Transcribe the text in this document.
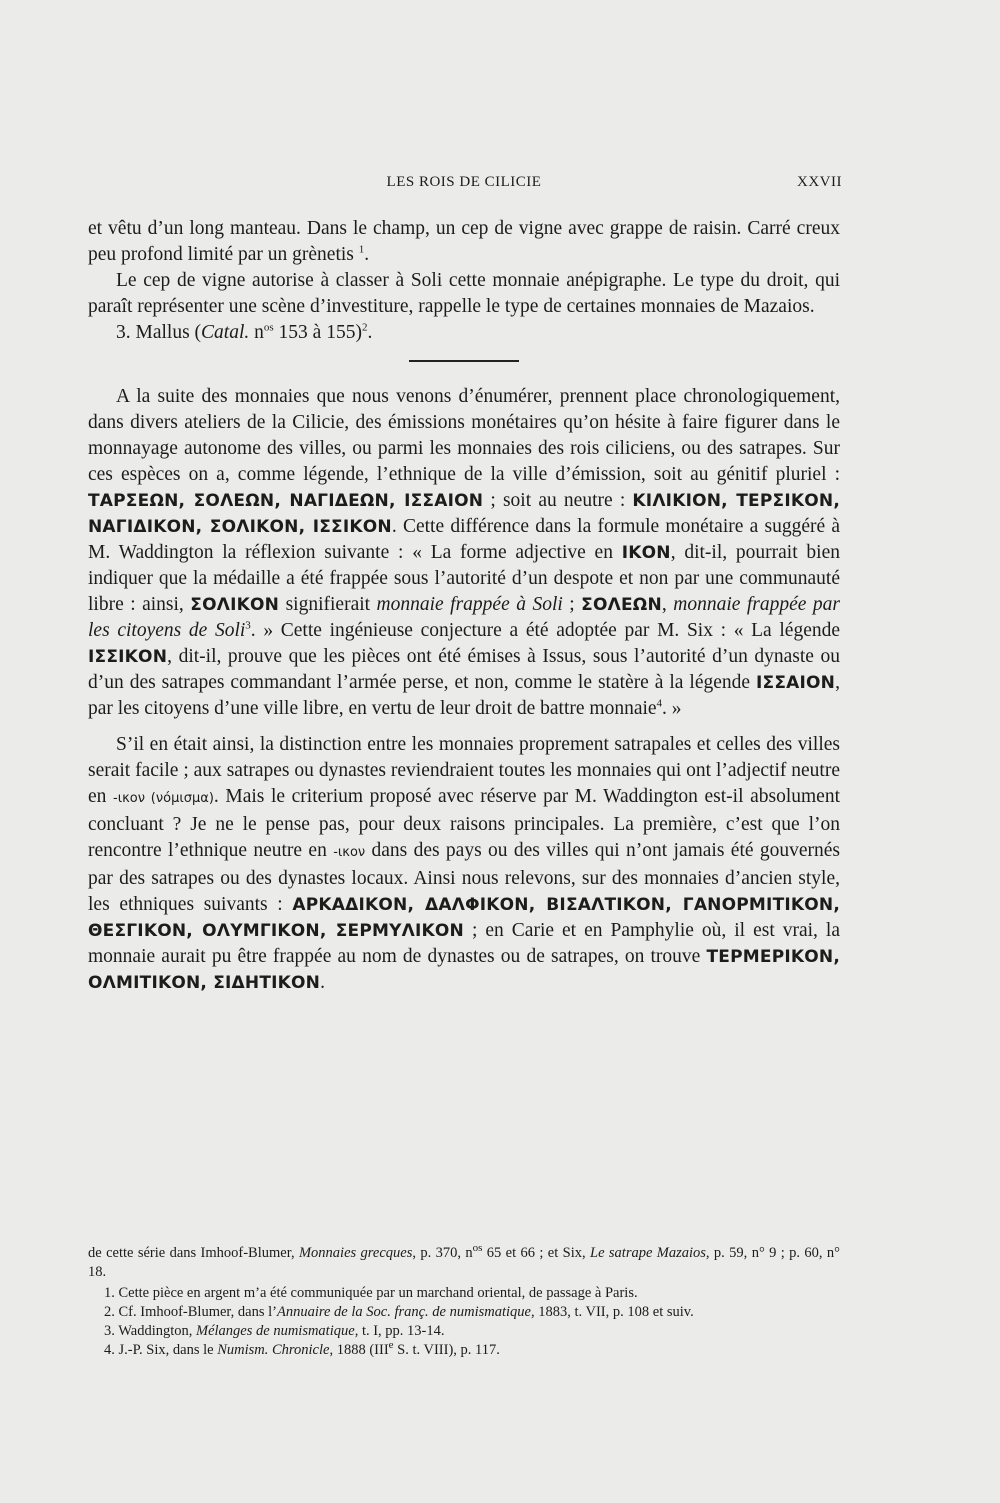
LES ROIS DE CILICIE	XXVII

et vêtu d’un long manteau. Dans le champ, un cep de vigne avec grappe de raisin. Carré creux peu profond limité par un grènetis $^1$.

Le cep de vigne autorise à classer à Soli cette monnaie anépigraphe. Le type du droit, qui paraît représenter une scène d’investiture, rappelle le type de certaines monnaies de Mazaios.

3. Mallus (Catal. $n^{os}$ 153 à 155)$^2$.

A la suite des monnaies que nous venons d’énumérer, prennent place chronologiquement, dans divers ateliers de la Cilicie, des émissions monétaires qu’on hésite à faire figurer dans le monnayage autonome des villes, ou parmi les monnaies des rois ciliciens, ou des satrapes. Sur ces espèces on a, comme légende, l’ethnique de la ville d’émission, soit au génitif pluriel : ΤΑΡΣΕΩΝ, ΣΟΛΕΩΝ, ΝΑΓΙΔΕΩΝ, ΙΣΣΑΙΟΝ ; soit au neutre : ΚΙΛΙΚΙΟΝ, ΤΕΡΣΙΚΟΝ, ΝΑΓΙΔΙΚΟΝ, ΣΟΛΙΚΟΝ, ΙΣΣΙΚΟΝ. Cette différence dans la formule monétaire a suggéré à M. Waddington la réflexion suivante : « La forme adjective en ΙΚΟΝ, dit-il, pourrait bien indiquer que la médaille a été frappée sous l’autorité d’un despote et non par une communauté libre : ainsi, ΣΟΛΙΚΟΝ signifierait monnaie frappée à Soli ; ΣΟΛΕΩΝ, monnaie frappée par les citoyens de Soli$^3$. » Cette ingénieuse conjecture a été adoptée par M. Six : « La légende ΙΣΣΙΚΟΝ, dit-il, prouve que les pièces ont été émises à Issus, sous l’autorité d’un dynaste ou d’un des satrapes commandant l’armée perse, et non, comme le statère à la légende ΙΣΣΑΙΟΝ, par les citoyens d’une ville libre, en vertu de leur droit de battre monnaie$^4$. »

S’il en était ainsi, la distinction entre les monnaies proprement satrapales et celles des villes serait facile ; aux satrapes ou dynastes reviendraient toutes les monnaies qui ont l’adjectif neutre en -ικον (νόμισμα). Mais le criterium proposé avec réserve par M. Waddington est-il absolument concluant ? Je ne le pense pas, pour deux raisons principales. La première, c’est que l’on rencontre l’ethnique neutre en -ικον dans des pays ou des villes qui n’ont jamais été gouvernés par des satrapes ou des dynastes locaux. Ainsi nous relevons, sur des monnaies d’ancien style, les ethniques suivants : ΑΡΚΑΔΙΚΟΝ, ΔΑΛΦΙΚΟΝ, ΒΙΣΑΛΤΙΚΟΝ, ΓΑΝΟΡΜΙΤΙΚΟΝ, ΘΕΣΓΙΚΟΝ, ΟΛΥΜΓΙΚΟΝ, ΣΕΡΜΥΛΙΚΟΝ ; en Carie et en Pamphylie où, il est vrai, la monnaie aurait pu être frappée au nom de dynastes ou de satrapes, on trouve ΤΕΡΜΕΡΙΚΟΝ, ΟΛΜΙΤΙΚΟΝ, ΣΙΔΗΤΙΚΟΝ.

de cette série dans Imhoof-Blumer, Monnaies grecques, p. 370, $n^{os}$ 65 et 66 ; et Six, Le satrape Mazaios, p. 59, n° 9 ; p. 60, n° 18.

1. Cette pièce en argent m’a été communiquée par un marchand oriental, de passage à Paris.

2. Cf. Imhoof-Blumer, dans l’Annuaire de la Soc. franç. de numismatique, 1883, t. VII, p. 108 et suiv.

3. Waddington, Mélanges de numismatique, t. I, pp. 13-14.

4. J.-P. Six, dans le Numism. Chronicle, 1888 (IIIe S. t. VIII), p. 117.
